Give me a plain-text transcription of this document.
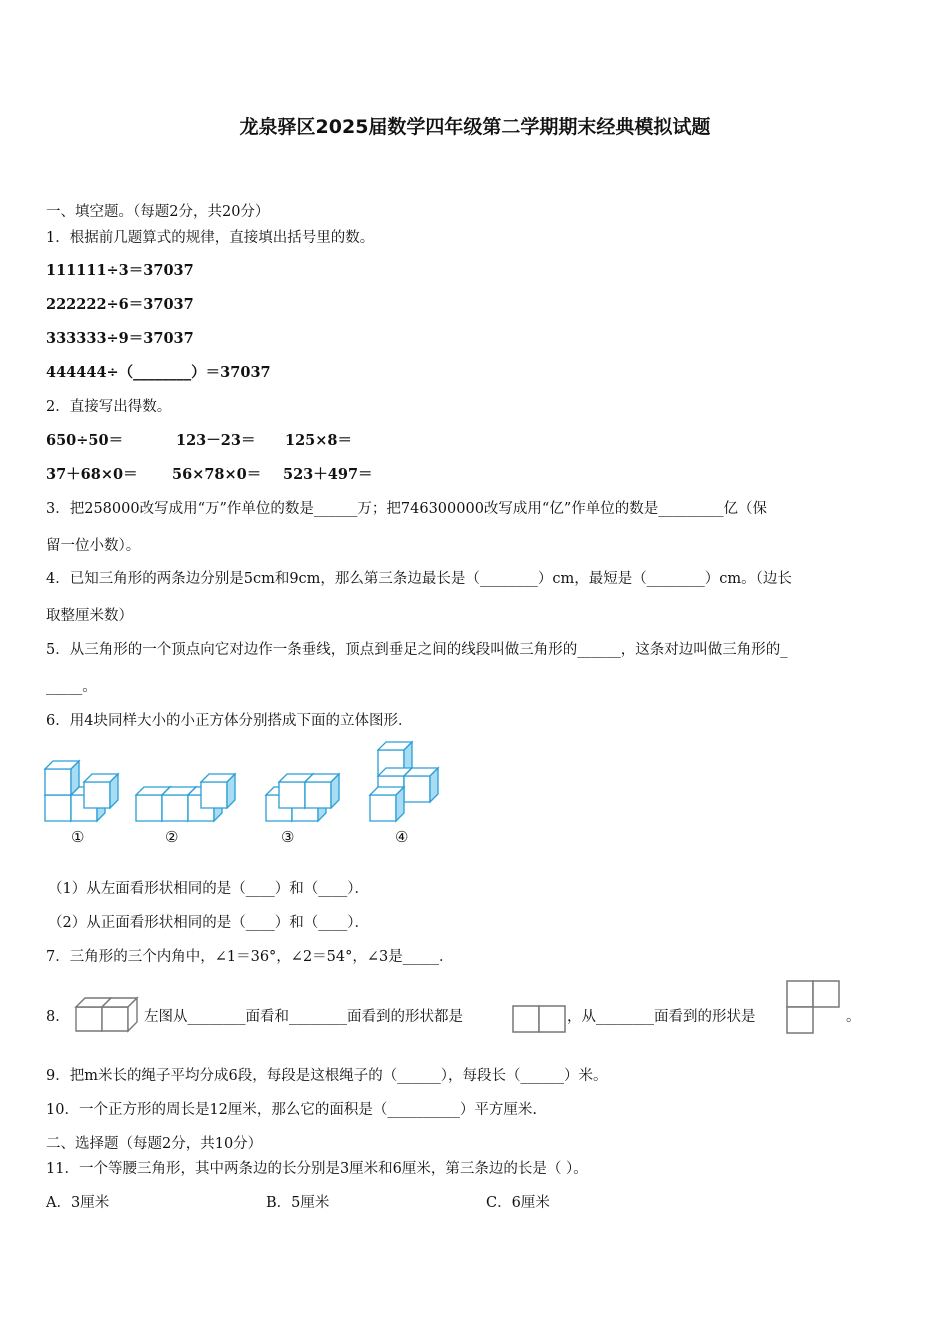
龙泉驿区2025届数学四年级第二学期期末经典模拟试题
一、填空题。（每题2分，共20分）
1．根据前几题算式的规律，直接填出括号里的数。
111111÷3＝37037
222222÷6＝37037
333333÷9＝37037
444444÷（________）＝37037
2．直接写出得数。
650÷50＝	123－23＝ 125×8＝
37＋68×0＝ 56×78×0＝ 523＋497＝
3．把258000改写成用“万”作单位的数是______万；把746300000改写成用“亿”作单位的数是_________亿（保
留一位小数）。
4．已知三角形的两条边分别是5cm和9cm，那么第三条边最长是（________）cm，最短是（________）cm。（边长
取整厘米数）
5．从三角形的一个顶点向它对边作一条垂线，顶点到垂足之间的线段叫做三角形的______，这条对边叫做三角形的_
_____。
6．用4块同样大小的小正方体分别搭成下面的立体图形．
①	②	③	④
（1）从左面看形状相同的是（____）和（____）．
（2）从正面看形状相同的是（____）和（____）．
7．三角形的三个内角中，∠1＝36°，∠2＝54°，∠3是_____．
8．	左图从________面看和________面看到的形状都是	，从________面看到的形状是	。
9．把m米长的绳子平均分成6段，每段是这根绳子的（______），每段长（______）米。
10．一个正方形的周长是12厘米，那么它的面积是（__________）平方厘米.
二、选择题（每题2分，共10分）
11．一个等腰三角形，其中两条边的长分别是3厘米和6厘米，第三条边的长是（ ）。
A．3厘米	B．5厘米	C．6厘米
